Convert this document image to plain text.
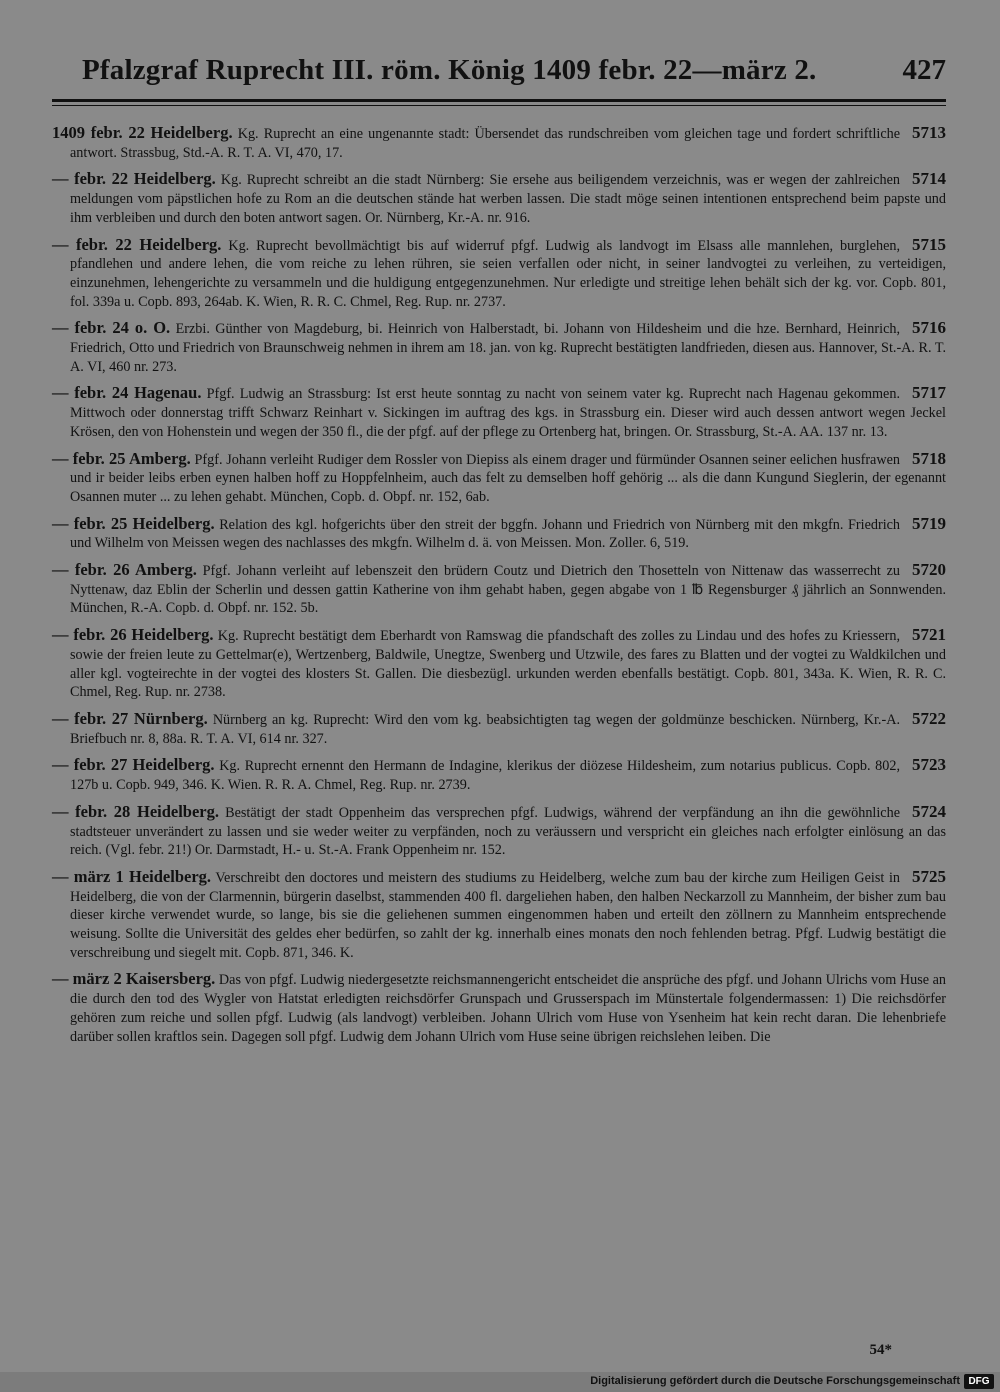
Pfalzgraf Ruprecht III. röm. König 1409 febr. 22—märz 2.	427
5713
1409 febr. 22 Heidelberg. Kg. Ruprecht an eine ungenannte stadt: Übersendet das rundschreiben vom gleichen tage und fordert schriftliche antwort. Strassbug, Std.-A. R. T. A. VI, 470, 17.
5714
— febr. 22 Heidelberg. Kg. Ruprecht schreibt an die stadt Nürnberg: Sie ersehe aus beiligendem verzeichnis, was er wegen der zahlreichen meldungen vom päpstlichen hofe zu Rom an die deutschen stände hat werben lassen. Die stadt möge seinen intentionen entsprechend beim papste und ihm verbleiben und durch den boten antwort sagen. Or. Nürnberg, Kr.-A. nr. 916.
5715
— febr. 22 Heidelberg. Kg. Ruprecht bevollmächtigt bis auf widerruf pfgf. Ludwig als landvogt im Elsass alle mannlehen, burglehen, pfandlehen und andere lehen, die vom reiche zu lehen rühren, sie seien verfallen oder nicht, in seiner landvogtei zu verleihen, zu verteidigen, einzunehmen, lehengerichte zu versammeln und die huldigung entgegenzunehmen. Nur erledigte und streitige lehen behält sich der kg. vor. Copb. 801, fol. 339a u. Copb. 893, 264ab. K. Wien, R. R. C. Chmel, Reg. Rup. nr. 2737.
5716
— febr. 24 o. O. Erzbi. Günther von Magdeburg, bi. Heinrich von Halberstadt, bi. Johann von Hildesheim und die hze. Bernhard, Heinrich, Friedrich, Otto und Friedrich von Braunschweig nehmen in ihrem am 18. jan. von kg. Ruprecht bestätigten landfrieden, diesen aus. Hannover, St.-A. R. T. A. VI, 460 nr. 273.
5717
— febr. 24 Hagenau. Pfgf. Ludwig an Strassburg: Ist erst heute sonntag zu nacht von seinem vater kg. Ruprecht nach Hagenau gekommen. Mittwoch oder donnerstag trifft Schwarz Reinhart v. Sickingen im auftrag des kgs. in Strassburg ein. Dieser wird auch dessen antwort wegen Jeckel Krösen, den von Hohenstein und wegen der 350 fl., die der pfgf. auf der pflege zu Ortenberg hat, bringen. Or. Strassburg, St.-A. AA. 137 nr. 13.
5718
— febr. 25 Amberg. Pfgf. Johann verleiht Rudiger dem Rossler von Diepiss als einem drager und fürmünder Osannen seiner eelichen husfrawen und ir beider leibs erben eynen halben hoff zu Hoppfelnheim, auch das felt zu demselben hoff gehörig ... als die dann Kungund Sieglerin, der egenannt Osannen muter ... zu lehen gehabt. München, Copb. d. Obpf. nr. 152, 6ab.
5719
— febr. 25 Heidelberg. Relation des kgl. hofgerichts über den streit der bggfn. Johann und Friedrich von Nürnberg mit den mkgfn. Friedrich und Wilhelm von Meissen wegen des nachlasses des mkgfn. Wilhelm d. ä. von Meissen. Mon. Zoller. 6, 519.
5720
— febr. 26 Amberg. Pfgf. Johann verleiht auf lebenszeit den brüdern Coutz und Dietrich den Thosetteln von Nittenaw das wasserrecht zu Nyttenaw, daz Eblin der Scherlin und dessen gattin Katherine von ihm gehabt haben, gegen abgabe von 1 ℔ Regensburger ₰ jährlich an Sonnwenden. München, R.-A. Copb. d. Obpf. nr. 152. 5b.
5721
— febr. 26 Heidelberg. Kg. Ruprecht bestätigt dem Eberhardt von Ramswag die pfandschaft des zolles zu Lindau und des hofes zu Kriessern, sowie der freien leute zu Gettelmar(e), Wertzenberg, Baldwile, Unegtze, Swenberg und Utzwile, des fares zu Blatten und der vogtei zu Waldkilchen und aller kgl. vogteirechte in der vogtei des klosters St. Gallen. Die diesbezügl. urkunden werden ebenfalls bestätigt. Copb. 801, 343a. K. Wien, R. R. C. Chmel, Reg. Rup. nr. 2738.
5722
— febr. 27 Nürnberg. Nürnberg an kg. Ruprecht: Wird den vom kg. beabsichtigten tag wegen der goldmünze beschicken. Nürnberg, Kr.-A. Briefbuch nr. 8, 88a. R. T. A. VI, 614 nr. 327.
5723
— febr. 27 Heidelberg. Kg. Ruprecht ernennt den Hermann de Indagine, klerikus der diözese Hildesheim, zum notarius publicus. Copb. 802, 127b u. Copb. 949, 346. K. Wien. R. R. A. Chmel, Reg. Rup. nr. 2739.
5724
— febr. 28 Heidelberg. Bestätigt der stadt Oppenheim das versprechen pfgf. Ludwigs, während der verpfändung an ihn die gewöhnliche stadtsteuer unverändert zu lassen und sie weder weiter zu verpfänden, noch zu veräussern und verspricht ein gleiches nach erfolgter einlösung an das reich. (Vgl. febr. 21!) Or. Darmstadt, H.- u. St.-A. Frank Oppenheim nr. 152.
5725
— märz 1 Heidelberg. Verschreibt den doctores und meistern des studiums zu Heidelberg, welche zum bau der kirche zum Heiligen Geist in Heidelberg, die von der Clarmennin, bürgerin daselbst, stammenden 400 fl. dargeliehen haben, den halben Neckarzoll zu Mannheim, der bisher zum bau dieser kirche verwendet wurde, so lange, bis sie die geliehenen summen eingenommen haben und erteilt den zöllnern zu Mannheim entsprechende weisung. Sollte die Universität des geldes eher bedürfen, so zahlt der kg. innerhalb eines monats den noch fehlenden betrag. Pfgf. Ludwig bestätigt die verschreibung und siegelt mit. Copb. 871, 346. K.
— märz 2 Kaisersberg. Das von pfgf. Ludwig niedergesetzte reichsmannengericht entscheidet die ansprüche des pfgf. und Johann Ulrichs vom Huse an die durch den tod des Wygler von Hatstat erledigten reichsdörfer Grunspach und Grusserspach im Münstertale folgendermassen: 1) Die reichsdörfer gehören zum reiche und sollen pfgf. Ludwig (als landvogt) verbleiben. Johann Ulrich vom Huse von Ysenheim hat kein recht daran. Die lehenbriefe darüber sollen kraftlos sein. Dagegen soll pfgf. Ludwig dem Johann Ulrich vom Huse seine übrigen reichslehen leiben. Die
54*
Digitalisierung gefördert durch die Deutsche Forschungsgemeinschaft DFG
